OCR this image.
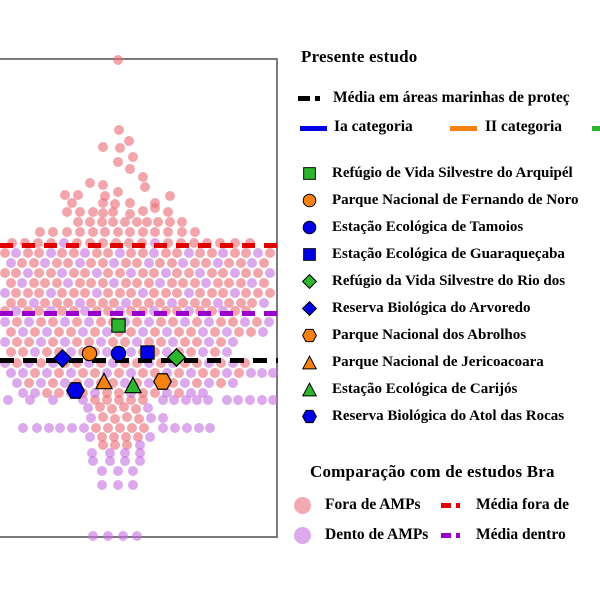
Presente estudo
Média em áreas marinhas de proteç
Ia categoria	II categoria
Refúgio de Vida Silvestre do Arquipél
Parque Nacional de Fernando de Noro
Estação Ecológica de Tamoios
Estação Ecológica de Guaraqueçaba
Refúgio da Vida Silvestre do Rio dos
Reserva Biológica do Arvoredo
Parque Nacional dos Abrolhos
Parque Nacional de Jericoacoara
Estação Ecológica de Carijós
Reserva Biológica do Atol das Rocas
Comparação com de estudos Bra
Fora de AMPs	Média fora de
Dento de AMPs	Média dentro
